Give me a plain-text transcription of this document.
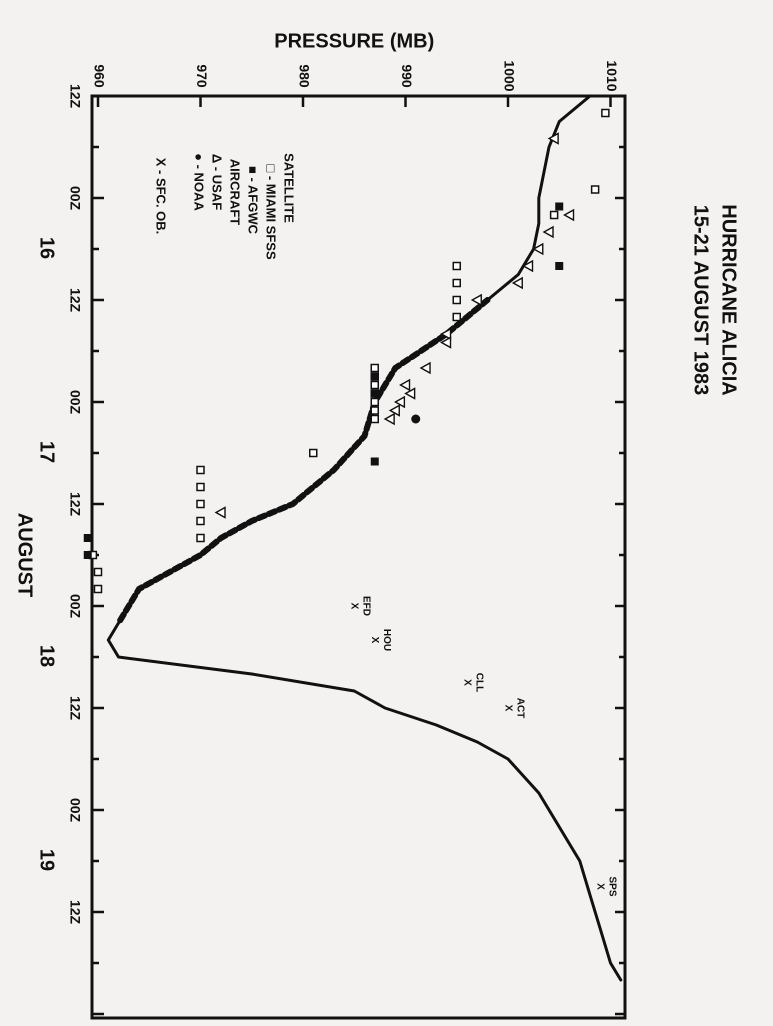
960	970	980	990	1000	1010
PRESSURE (MB)
12Z
00Z
12Z
00Z
12Z
00Z
12Z
00Z
12Z
16
17
18
19
AUGUST
SATELLITE
□ - MIAMI SFSS
■ - AFGWC
AIRCRAFT
Δ - USAF
● - NOAA
X - SFC. OB.
HURRICANE ALICIA
15-21 AUGUST 1983
X EFD
X HOU
X CLL
X ACT
X SPS
